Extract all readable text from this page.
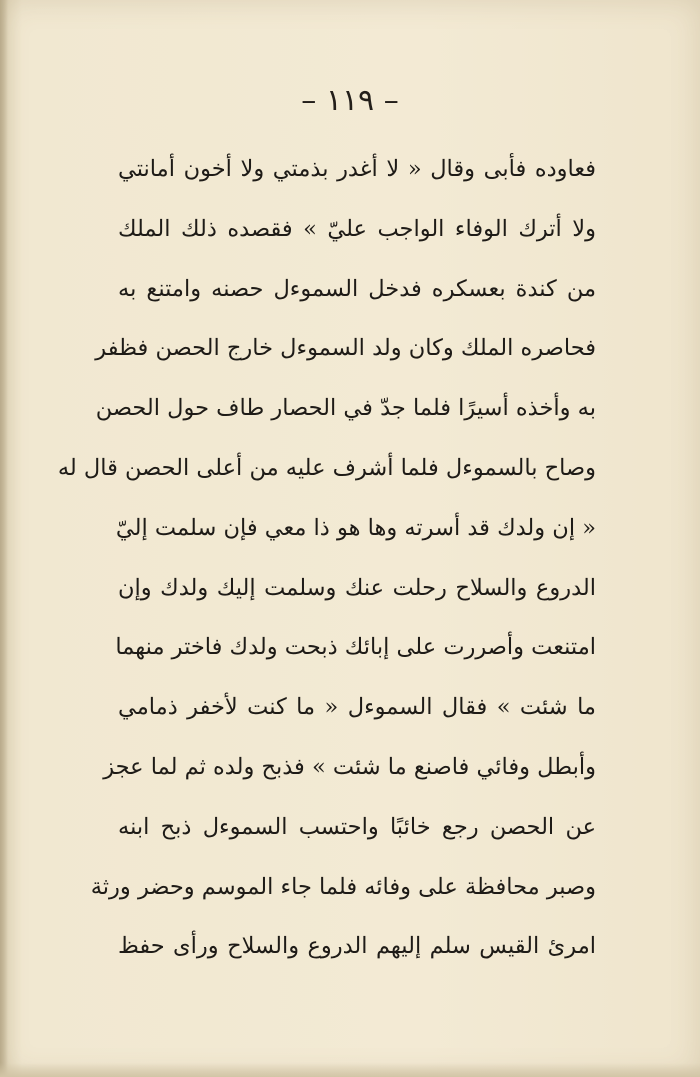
– ١١٩ –
فعاوده فأبى وقال « لا أغدر بذمتي ولا أخون أمانتي
ولا أترك الوفاء الواجب عليّ » فقصده ذلك الملك
من كندة بعسكره فدخل السموءل حصنه وامتنع به
فحاصره الملك وكان ولد السموءل خارج الحصن فظفر
به وأخذه أسيرًا فلما جدّ في الحصار طاف حول الحصن
وصاح بالسموءل فلما أشرف عليه من أعلى الحصن قال له
« إن ولدك قد أسرته وها هو ذا معي فإن سلمت إليّ
الدروع والسلاح رحلت عنك وسلمت إليك ولدك وإن
امتنعت وأصررت على إبائك ذبحت ولدك فاختر منهما
ما شئت » فقال السموءل « ما كنت لأخفر ذمامي
وأبطل وفائي فاصنع ما شئت » فذبح ولده ثم لما عجز
عن الحصن رجع خائبًا واحتسب السموءل ذبح ابنه
وصبر محافظة على وفائه فلما جاء الموسم وحضر ورثة
امرئ القيس سلم إليهم الدروع والسلاح ورأى حفظ
